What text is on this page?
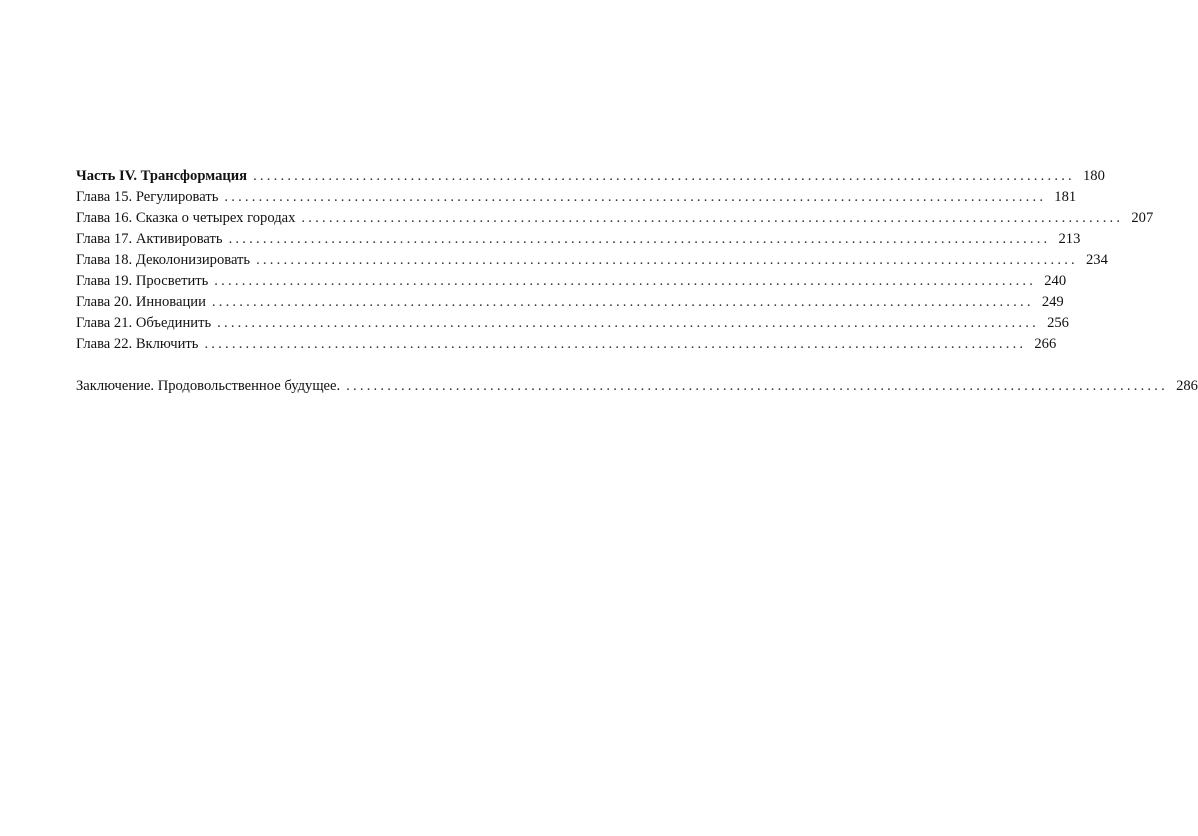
Часть IV. Трансформация ........................................................................................................................ 180
Глава 15. Регулировать ........................................................................................................................ 181
Глава 16. Сказка о четырех городах ........................................................................................................................ 207
Глава 17. Активировать ........................................................................................................................ 213
Глава 18. Деколонизировать ........................................................................................................................ 234
Глава 19. Просветить ........................................................................................................................ 240
Глава 20. Инновации ........................................................................................................................ 249
Глава 21. Объединить ........................................................................................................................ 256
Глава 22. Включить ........................................................................................................................ 266
Заключение. Продовольственное будущее. ........................................................................................................................ 286
